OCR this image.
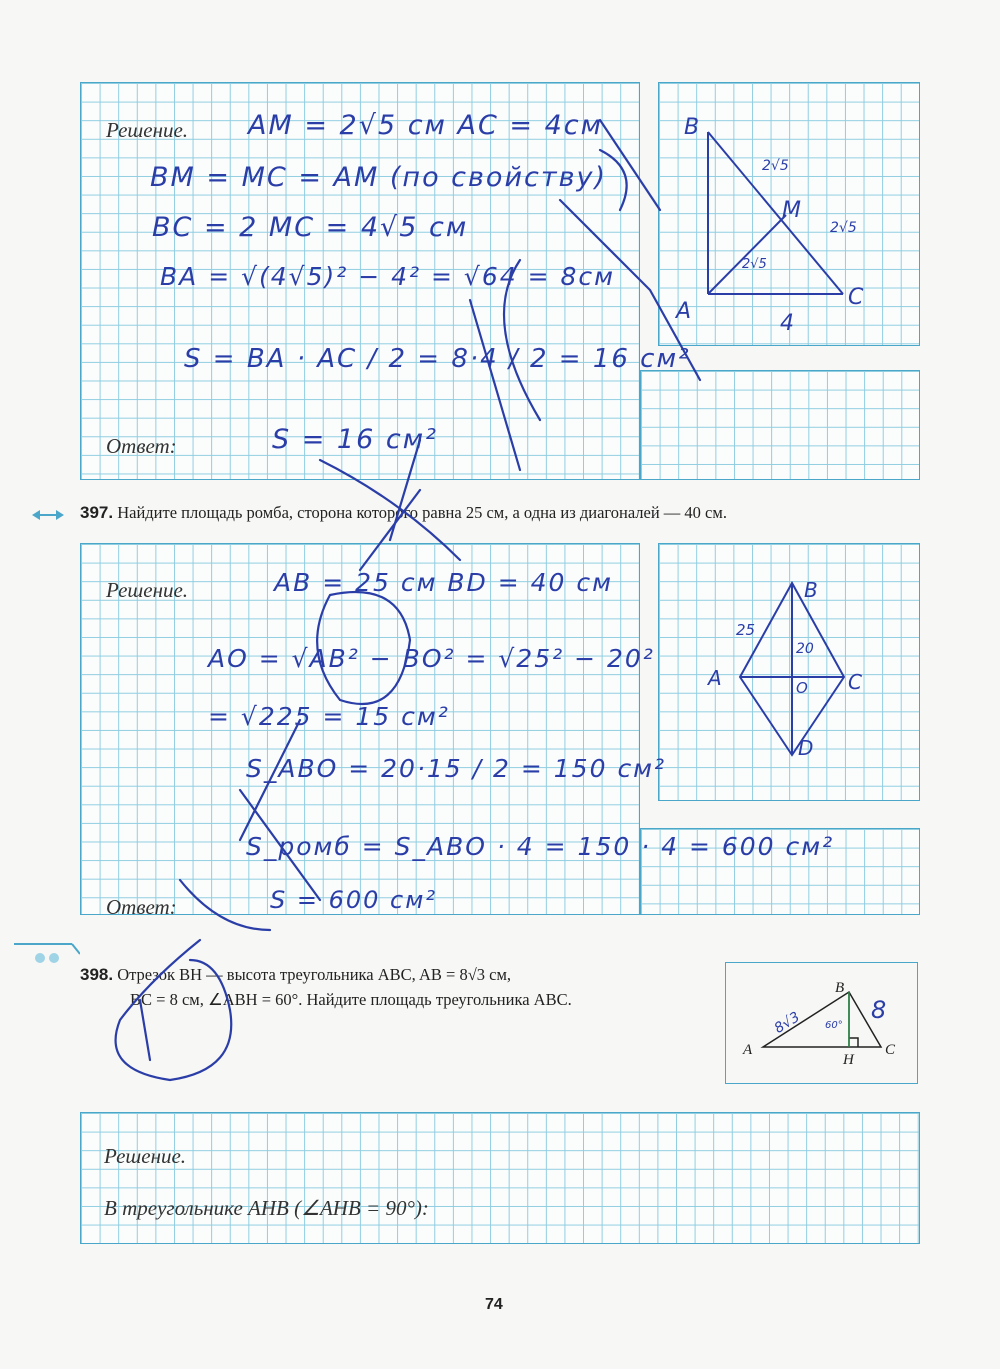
Решение.
Ответ:
AM = 2√5 см AC = 4см
BM = MC = AM (по свойству)
BC = 2 MC = 4√5 см
BA = √(4√5)² − 4² = √64 = 8см
S = BA · AC / 2 = 8·4 / 2 = 16 см²
S = 16 см²
B
A
C
M
2√5
2√5
2√5
4
397. Найдите площадь ромба, сторона которого равна 25 см, а одна из диагоналей — 40 см.
Решение.
Ответ:
AB = 25 см BD = 40 см
AO = √AB² − BO² = √25² − 20²
= √225 = 15 см²
S_ABO = 20·15 / 2 = 150 см²
S_ромб = S_ABO · 4 = 150 · 4 = 600 см²
S = 600 см²
B
A	C
D
O
25
20
398. Отрезок BH — высота треугольника ABC, AB = 8√3 см,
BC = 8 см, ∠ABH = 60°. Найдите площадь треугольника ABC.
A
B
C
H
8√3	8
60°
Решение.
В треугольнике AHB (∠AHB = 90°):
74
